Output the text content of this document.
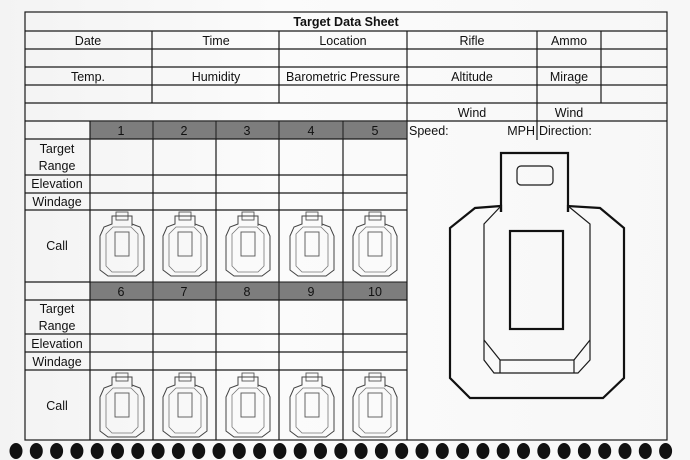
Target Data Sheet
Date	Time	Location	Rifle	Ammo
Temp.	Humidity	Barometric Pressure	Altitude	Mirage
Wind	Wind
Speed:	MPH Direction:
1	2	3	4	5
Target
Range
Elevation
Windage
Call
6	7	8	9	10
Target
Range
Elevation
Windage
Call
